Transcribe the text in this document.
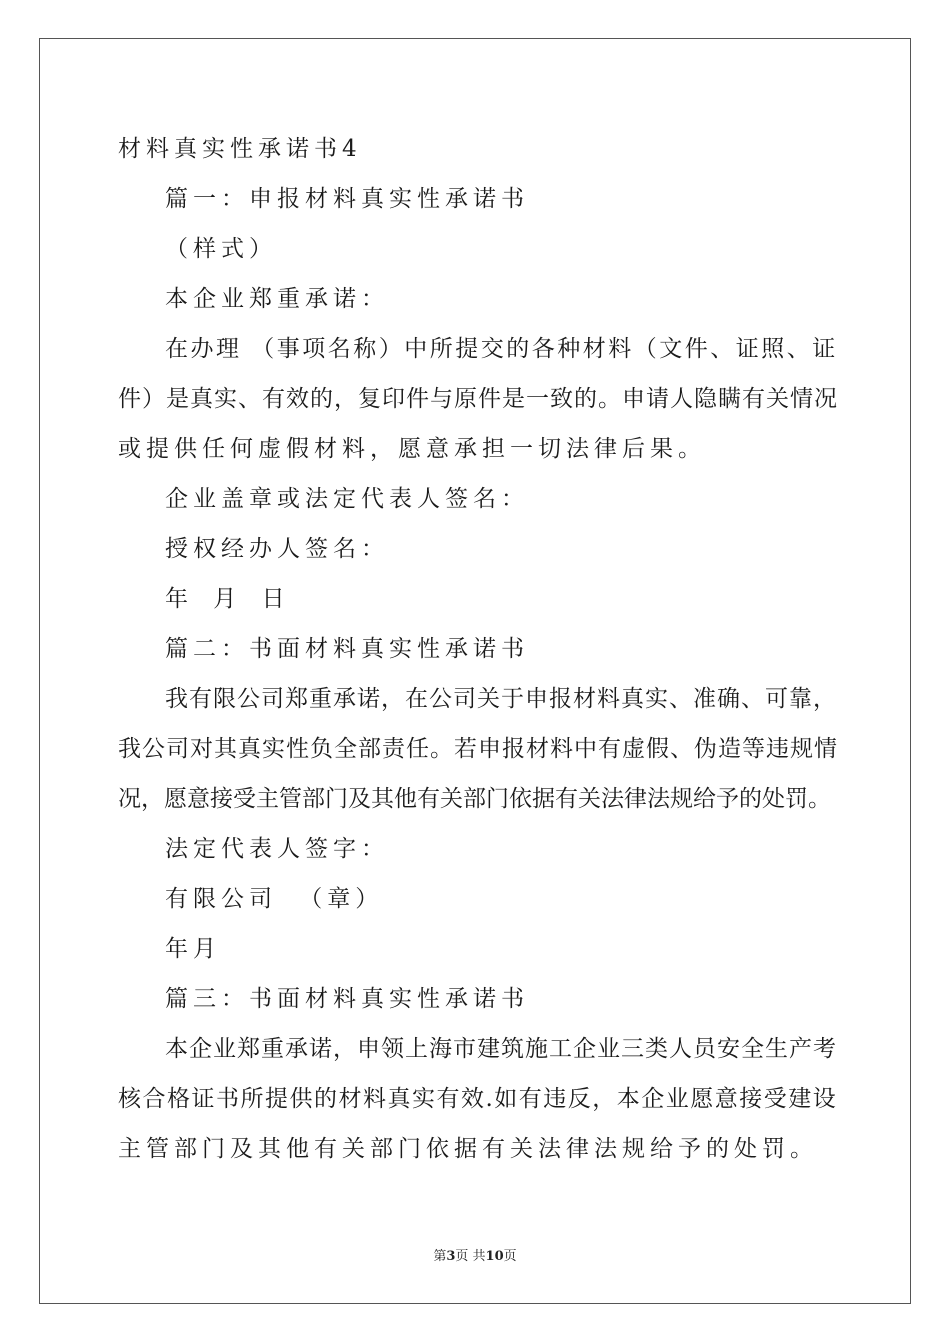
材料真实性承诺书4
篇一：申报材料真实性承诺书
（样式）
本企业郑重承诺：
在办理 （事项名称）中所提交的各种材料（文件、证照、证
件）是真实、有效的，复印件与原件是一致的。申请人隐瞒有关情况
或提供任何虚假材料，愿意承担一切法律后果。
企业盖章或法定代表人签名：
授权经办人签名：
年 月 日
篇二：书面材料真实性承诺书
我有限公司郑重承诺，在公司关于申报材料真实、准确、可靠，
我公司对其真实性负全部责任。若申报材料中有虚假、伪造等违规情
况，愿意接受主管部门及其他有关部门依据有关法律法规给予的处罚。
法定代表人签字：
有限公司 （章）
年月
篇三：书面材料真实性承诺书
本企业郑重承诺，申领上海市建筑施工企业三类人员安全生产考
核合格证书所提供的材料真实有效.如有违反，本企业愿意接受建设
主管部门及其他有关部门依据有关法律法规给予的处罚。
第3页 共10页
